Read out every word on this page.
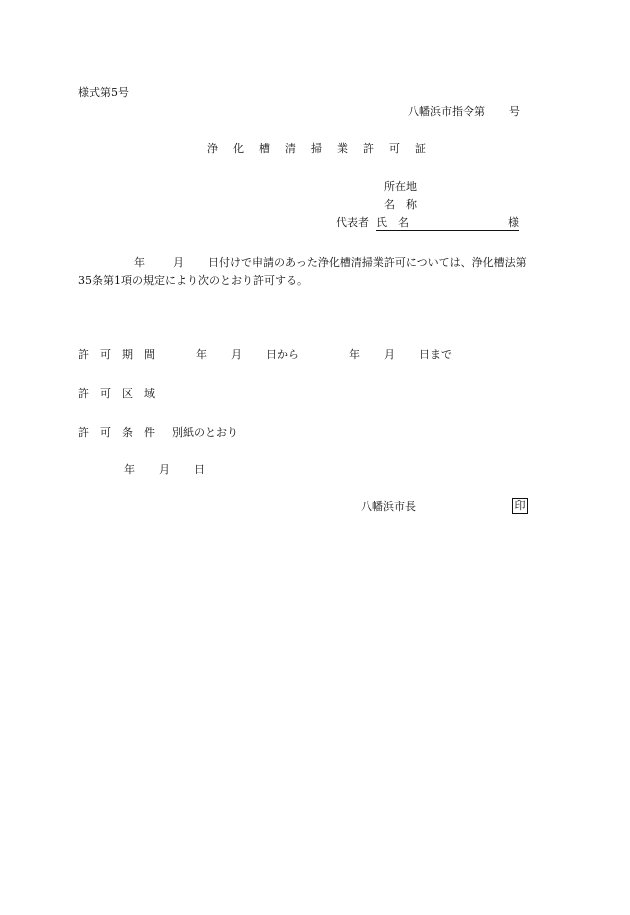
様式第5号
八幡浜市指令第 号
浄 化 槽 清 掃 業 許 可 証
所在地
名 称
代表者 氏 名	様
年	月 日付けで申請のあった浄化槽清掃業許可については、浄化槽法第
35条第1項の規定により次のとおり許可する。
許 可 期 間	年 月 日から	年 月 日まで
許 可 区 域
許 可 条 件	別紙のとおり
年 月 日
八幡浜市長	印
